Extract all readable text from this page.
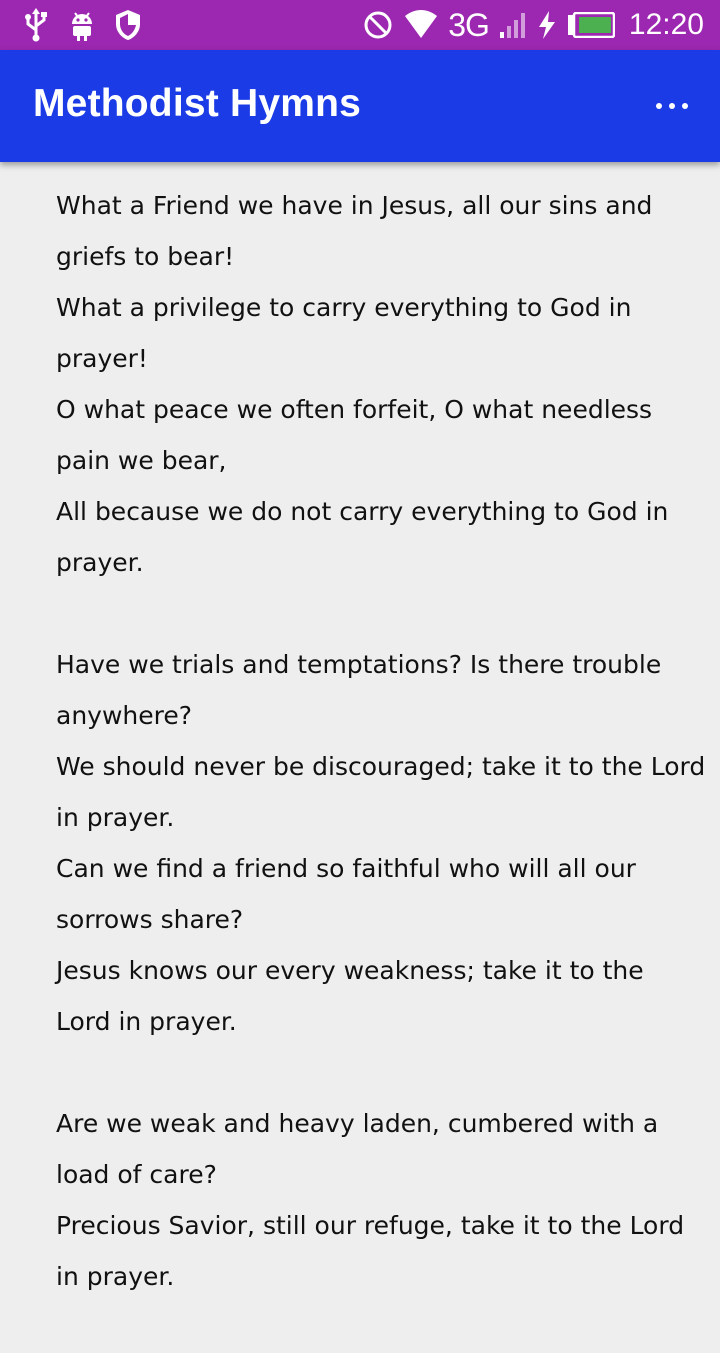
3G	12:20
Methodist Hymns
What a Friend we have in Jesus, all our sins and griefs to bear!
What a privilege to carry everything to God in prayer!
O what peace we often forfeit, O what needless pain we bear,
All because we do not carry everything to God in prayer.
Have we trials and temptations? Is there trouble anywhere?
We should never be discouraged; take it to the Lord in prayer.
Can we find a friend so faithful who will all our sorrows share?
Jesus knows our every weakness; take it to the Lord in prayer.
Are we weak and heavy laden, cumbered with a load of care?
Precious Savior, still our refuge, take it to the Lord in prayer.
